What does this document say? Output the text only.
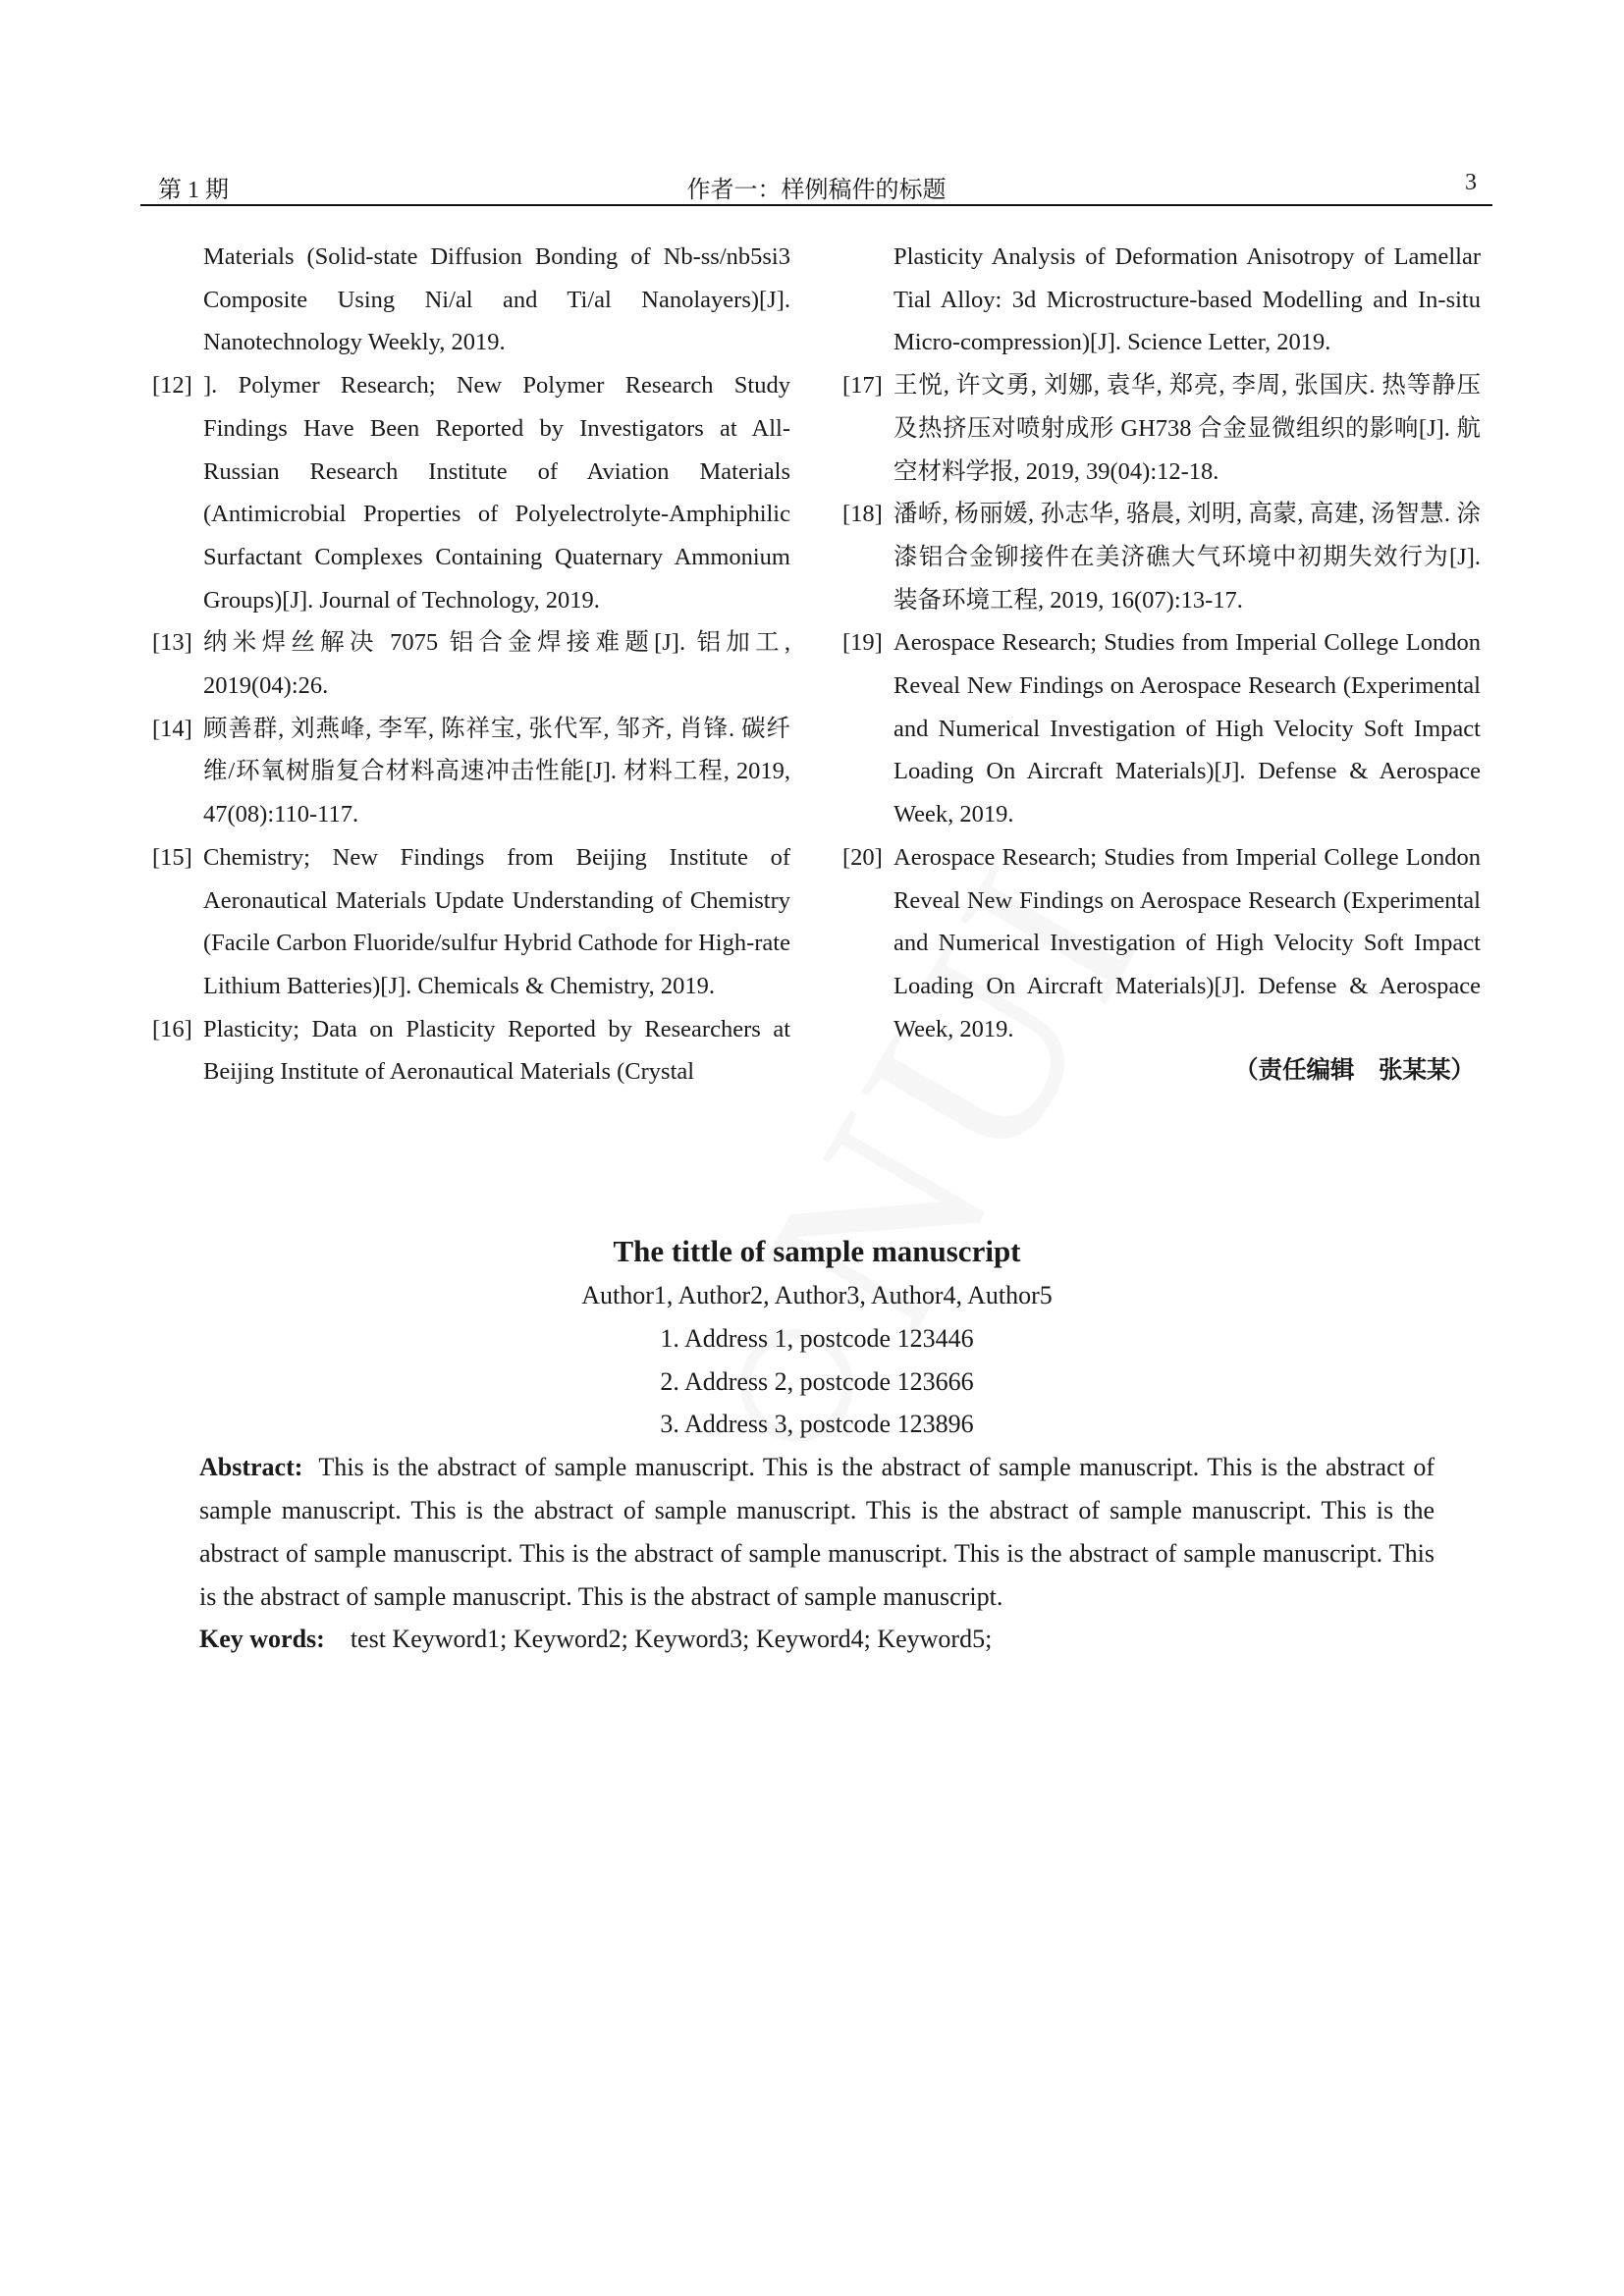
第 1 期	作者一：样例稿件的标题	3
Materials (Solid-state Diffusion Bonding of Nb-ss/nb5si3 Composite Using Ni/al and Ti/al Nanolayers)[J]. Nanotechnology Weekly, 2019.
[12] ]. Polymer Research; New Polymer Research Study Findings Have Been Reported by Investigators at All-Russian Research Institute of Aviation Materials (Antimicrobial Properties of Polyelectrolyte-Amphiphilic Surfactant Complexes Containing Quaternary Ammonium Groups)[J]. Journal of Technology, 2019.
[13] 纳米焊丝解决 7075 铝合金焊接难题[J]. 铝加工, 2019(04):26.
[14] 顾善群, 刘燕峰, 李军, 陈祥宝, 张代军, 邹齐, 肖锋. 碳纤维/环氧树脂复合材料高速冲击性能[J]. 材料工程, 2019, 47(08):110-117.
[15] Chemistry; New Findings from Beijing Institute of Aeronautical Materials Update Understanding of Chemistry (Facile Carbon Fluoride/sulfur Hybrid Cathode for High-rate Lithium Batteries)[J]. Chemicals & Chemistry, 2019.
[16] Plasticity; Data on Plasticity Reported by Researchers at Beijing Institute of Aeronautical Materials (Crystal
Plasticity Analysis of Deformation Anisotropy of Lamellar Tial Alloy: 3d Microstructure-based Modelling and In-situ Micro-compression)[J]. Science Letter, 2019.
[17] 王悦, 许文勇, 刘娜, 袁华, 郑亮, 李周, 张国庆. 热等静压及热挤压对喷射成形 GH738 合金显微组织的影响[J]. 航空材料学报, 2019, 39(04):12-18.
[18] 潘峤, 杨丽媛, 孙志华, 骆晨, 刘明, 高蒙, 高建, 汤智慧. 涂漆铝合金铆接件在美济礁大气环境中初期失效行为[J]. 装备环境工程, 2019, 16(07):13-17.
[19] Aerospace Research; Studies from Imperial College London Reveal New Findings on Aerospace Research (Experimental and Numerical Investigation of High Velocity Soft Impact Loading On Aircraft Materials)[J]. Defense & Aerospace Week, 2019.
[20] Aerospace Research; Studies from Imperial College London Reveal New Findings on Aerospace Research (Experimental and Numerical Investigation of High Velocity Soft Impact Loading On Aircraft Materials)[J]. Defense & Aerospace Week, 2019.
（责任编辑　张某某）
The tittle of sample manuscript
Author1, Author2, Author3, Author4, Author5
1. Address 1, postcode 123446
2. Address 2, postcode 123666
3. Address 3, postcode 123896
Abstract: This is the abstract of sample manuscript. This is the abstract of sample manuscript. This is the abstract of sample manuscript. This is the abstract of sample manuscript. This is the abstract of sample manuscript. This is the abstract of sample manuscript. This is the abstract of sample manuscript. This is the abstract of sample manuscript. This is the abstract of sample manuscript. This is the abstract of sample manuscript.
Key words: test Keyword1; Keyword2; Keyword3; Keyword4; Keyword5;
